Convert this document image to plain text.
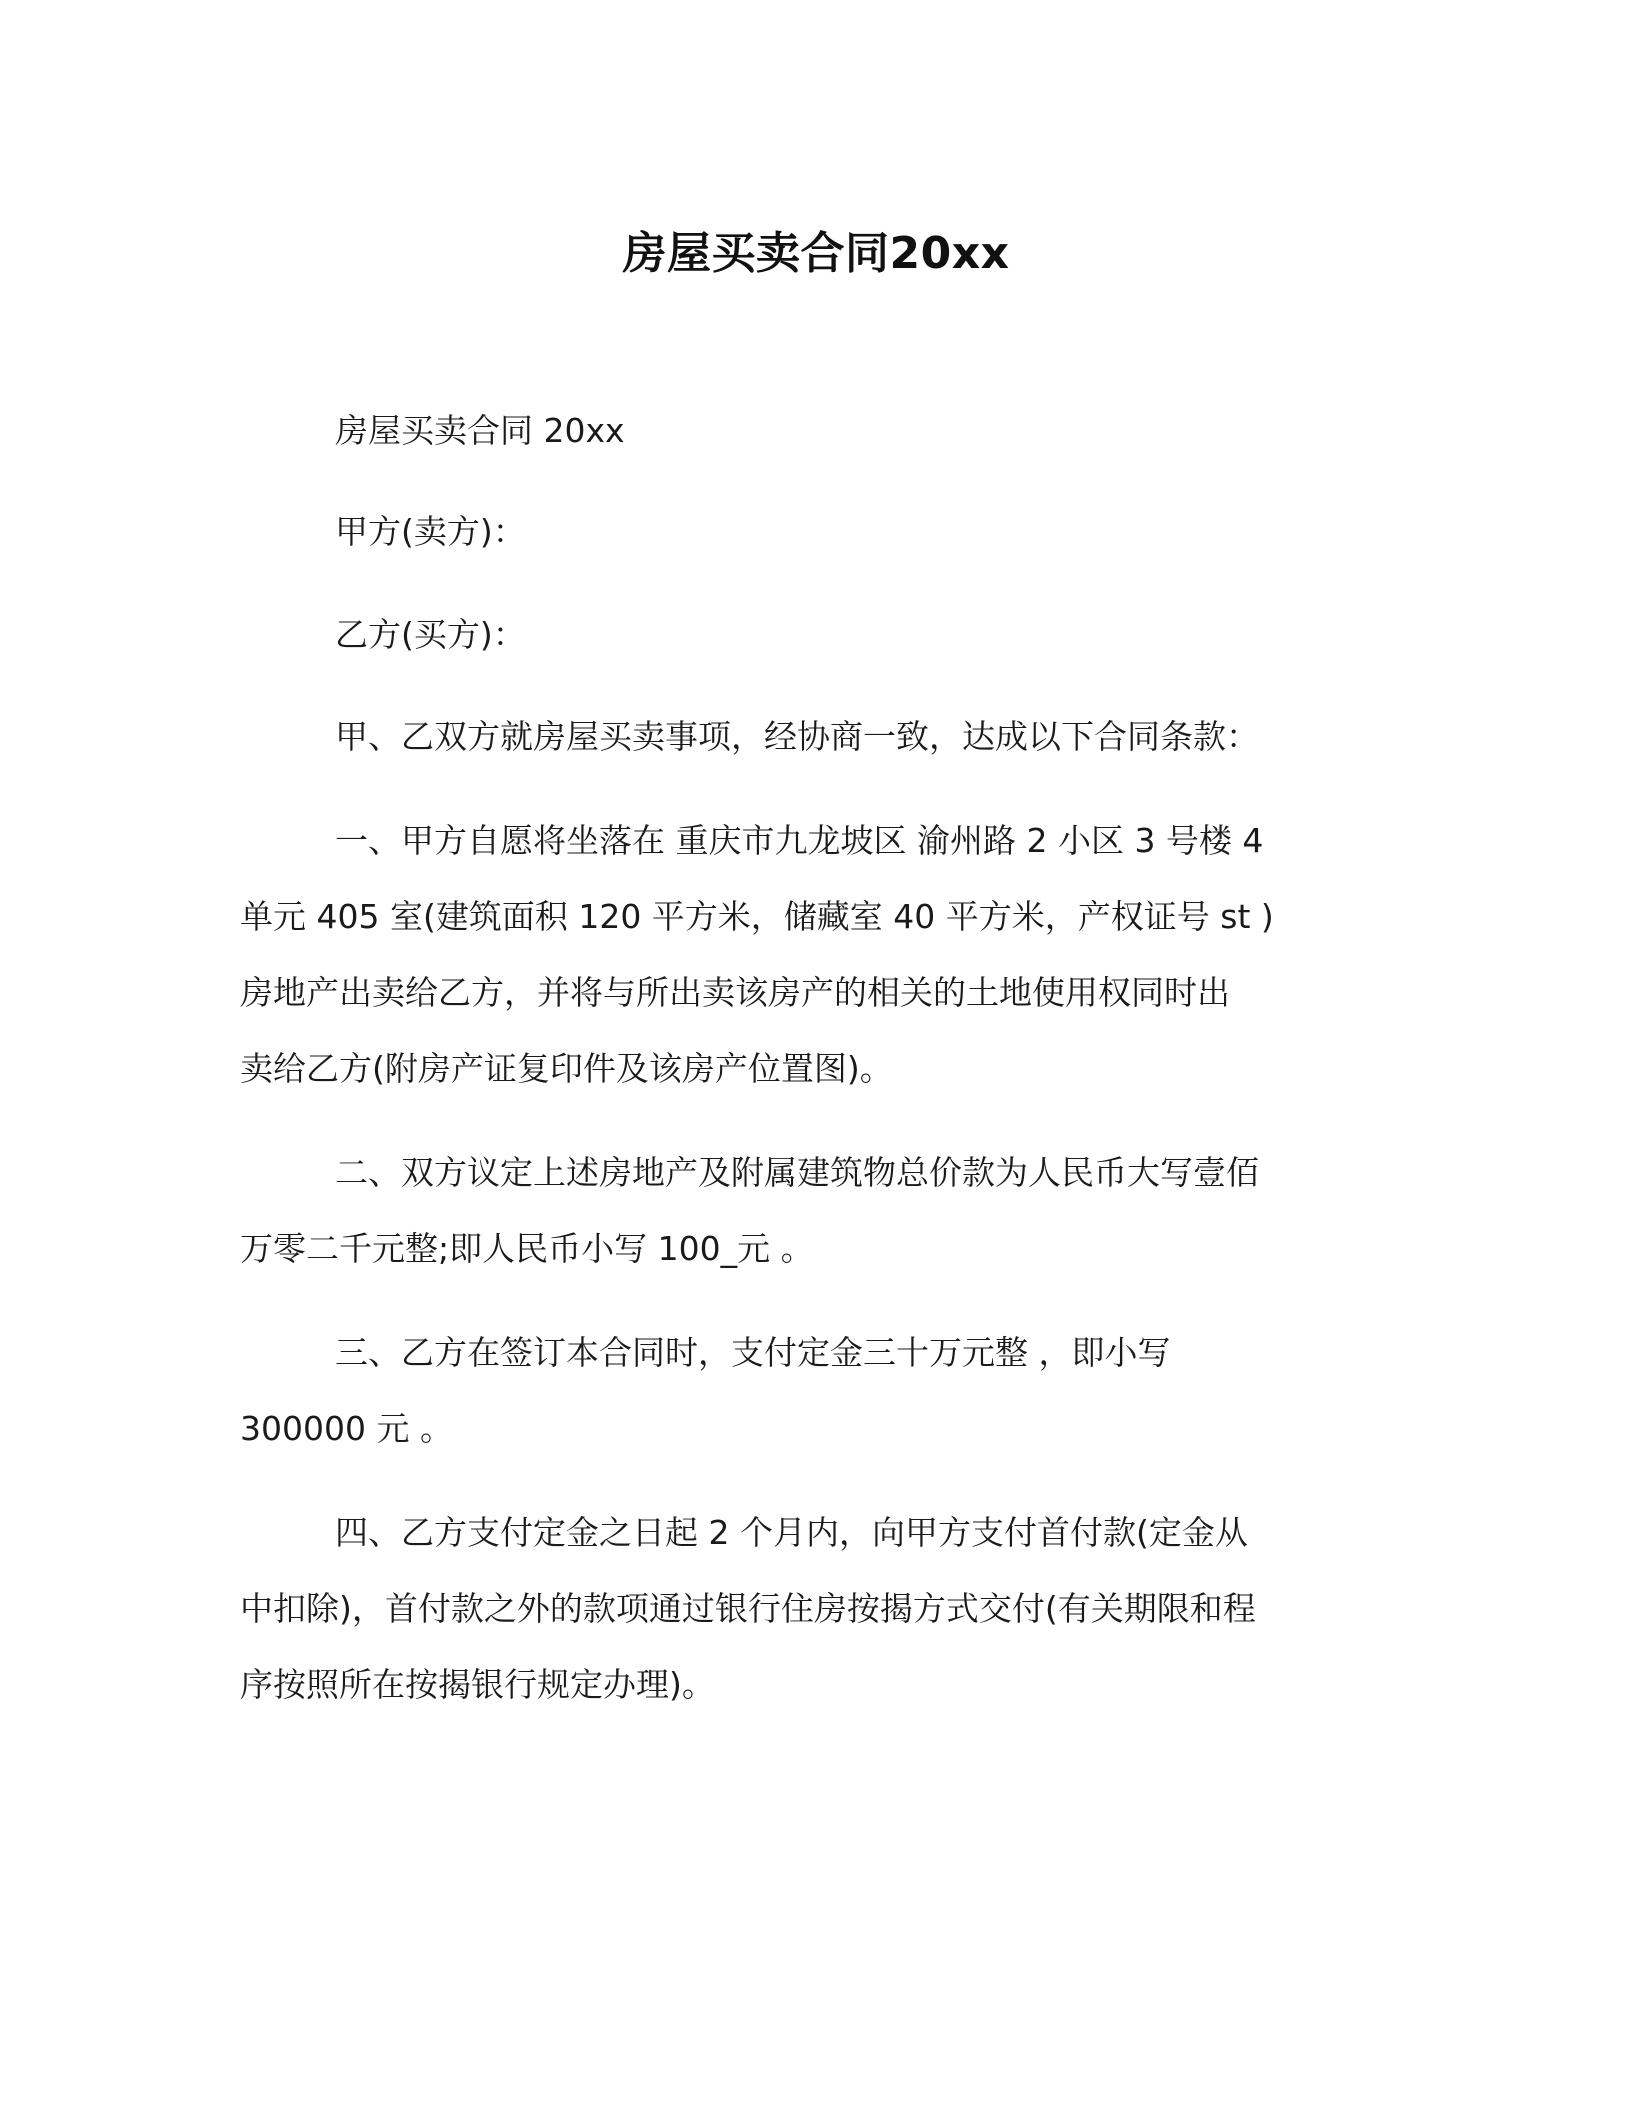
房屋买卖合同20xx
房屋买卖合同 20xx
甲方(卖方)：
乙方(买方)：
甲、乙双方就房屋买卖事项，经协商一致，达成以下合同条款：
一、甲方自愿将坐落在 重庆市九龙坡区 渝州路 2 小区 3 号楼 4
单元 405 室(建筑面积 120 平方米，储藏室 40 平方米，产权证号 st )
房地产出卖给乙方，并将与所出卖该房产的相关的土地使用权同时出
卖给乙方(附房产证复印件及该房产位置图)。
二、双方议定上述房地产及附属建筑物总价款为人民币大写壹佰
万零二千元整;即人民币小写 100_元 。
三、乙方在签订本合同时，支付定金三十万元整 ，即小写
300000 元 。
四、乙方支付定金之日起 2 个月内，向甲方支付首付款(定金从
中扣除)，首付款之外的款项通过银行住房按揭方式交付(有关期限和程
序按照所在按揭银行规定办理)。
